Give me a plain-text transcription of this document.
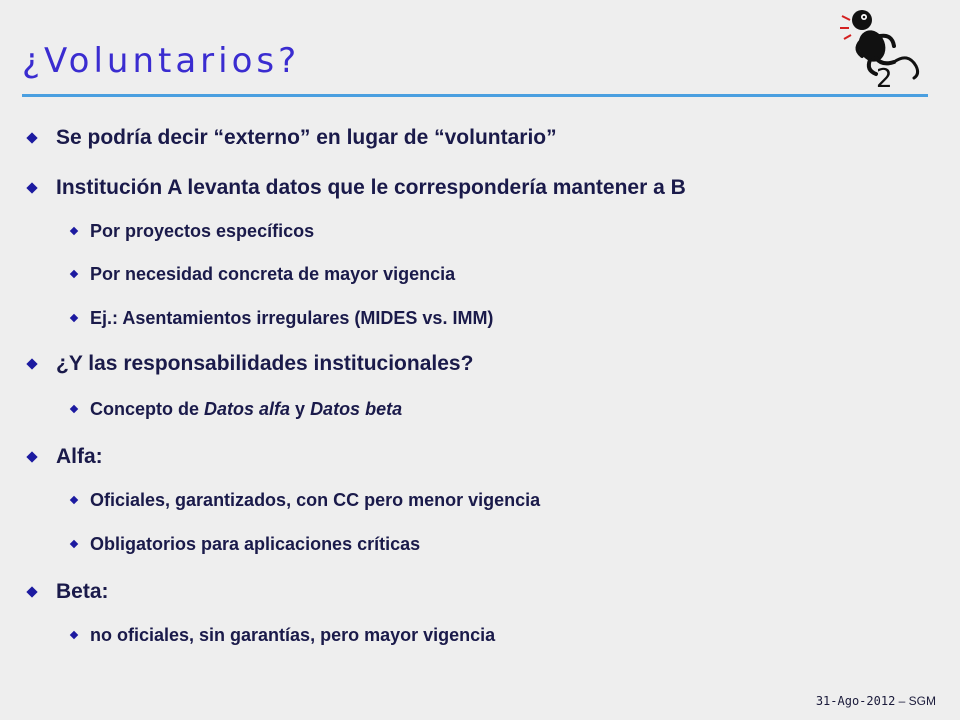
¿Voluntarios?	2
Se podría decir “externo” en lugar de “voluntario”
Institución A levanta datos que le correspondería mantener a B
Por proyectos específicos
Por necesidad concreta de mayor vigencia
Ej.: Asentamientos irregulares (MIDES vs. IMM)
¿Y las responsabilidades institucionales?
Concepto de Datos alfa y Datos beta
Alfa:
Oficiales, garantizados, con CC pero menor vigencia
Obligatorios para aplicaciones críticas
Beta:
no oficiales, sin garantías, pero mayor vigencia
31-Ago-2012 – SGM
